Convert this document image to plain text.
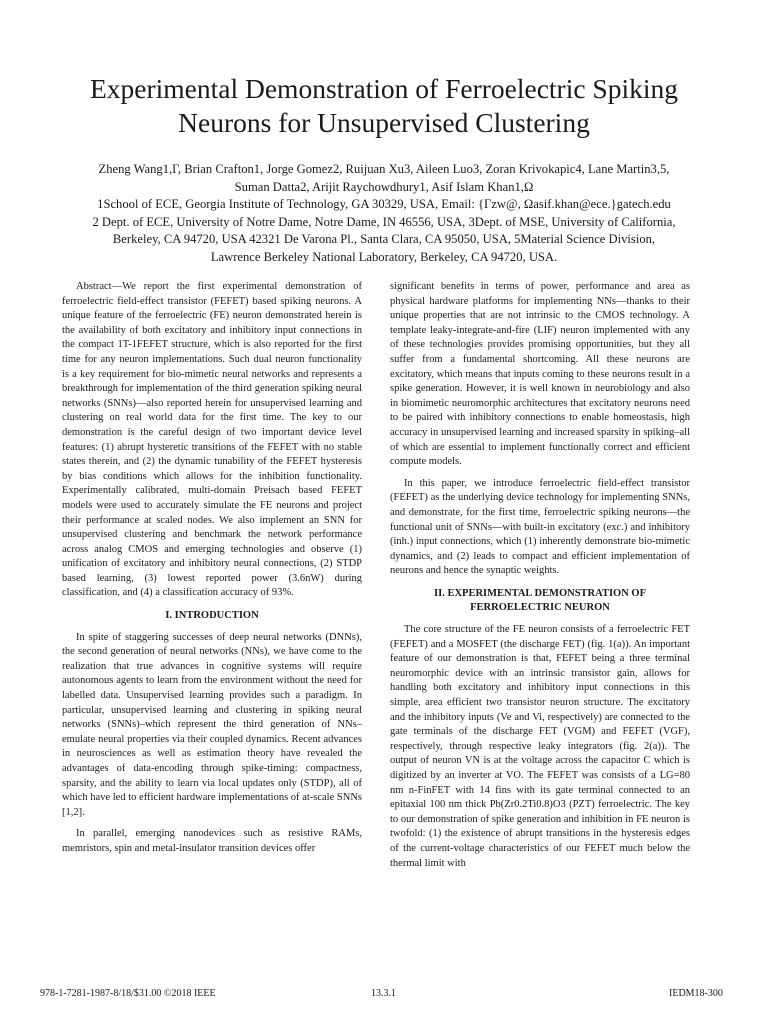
Experimental Demonstration of Ferroelectric Spiking Neurons for Unsupervised Clustering
Zheng Wang1,Γ, Brian Crafton1, Jorge Gomez2, Ruijuan Xu3, Aileen Luo3, Zoran Krivokapic4, Lane Martin3,5,
Suman Datta2, Arijit Raychowdhury1, Asif Islam Khan1,Ω
1School of ECE, Georgia Institute of Technology, GA 30329, USA, Email: {Γzw@, Ωasif.khan@ece.}gatech.edu
2 Dept. of ECE, University of Notre Dame, Notre Dame, IN 46556, USA, 3Dept. of MSE, University of California,
Berkeley, CA 94720, USA 42321 De Varona Pl., Santa Clara, CA 95050, USA, 5Material Science Division,
Lawrence Berkeley National Laboratory, Berkeley, CA 94720, USA.

Abstract—We report the first experimental demonstration of ferroelectric field-effect transistor (FEFET) based spiking neurons. A unique feature of the ferroelectric (FE) neuron demonstrated herein is the availability of both excitatory and inhibitory input connections in the compact 1T-1FEFET structure, which is also reported for the first time for any neuron implementations. Such dual neuron functionality is a key requirement for bio-mimetic neural networks and represents a breakthrough for implementation of the third generation spiking neural networks (SNNs)—also reported herein for unsupervised learning and clustering on real world data for the first time. The key to our demonstration is the careful design of two important device level features: (1) abrupt hysteretic transitions of the FEFET with no stable states therein, and (2) the dynamic tunability of the FEFET hysteresis by bias conditions which allows for the inhibition functionality. Experimentally calibrated, multi-domain Preisach based FEFET models were used to accurately simulate the FE neurons and project their performance at scaled nodes. We also implement an SNN for unsupervised clustering and benchmark the network performance across analog CMOS and emerging technologies and observe (1) unification of excitatory and inhibitory neural connections, (2) STDP based learning, (3) lowest reported power (3.6nW) during classification, and (4) a classification accuracy of 93%.

I. INTRODUCTION

In spite of staggering successes of deep neural networks (DNNs), the second generation of neural networks (NNs), we have come to the realization that true advances in cognitive systems will require autonomous agents to learn from the environment without the need for labelled data. Unsupervised learning provides such a paradigm. In particular, unsupervised learning and clustering in spiking neural networks (SNNs)–which represent the third generation of NNs–emulate neural properties via their coupled dynamics. Recent advances in neurosciences as well as estimation theory have revealed the advantages of data-encoding through spike-timing: compactness, sparsity, and the ability to learn via local updates only (STDP), all of which have led to efficient hardware implementations of at-scale SNNs [1,2].

In parallel, emerging nanodevices such as resistive RAMs, memristors, spin and metal-insulator transition devices offer

significant benefits in terms of power, performance and area as physical hardware platforms for implementing NNs—thanks to their unique properties that are not intrinsic to the CMOS technology. A template leaky-integrate-and-fire (LIF) neuron implemented with any of these technologies provides promising opportunities, but they all suffer from a fundamental shortcoming. All these neurons are excitatory, which means that inputs coming to these neurons result in a spike generation. However, it is well known in neurobiology and also in biomimetic neuromorphic architectures that excitatory neurons need to be paired with inhibitory connections to enable homeostasis, high accuracy in unsupervised learning and increased sparsity in spiking–all of which are essential to implement functionally correct and efficient compute models.

In this paper, we introduce ferroelectric field-effect transistor (FEFET) as the underlying device technology for implementing SNNs, and demonstrate, for the first time, ferroelectric spiking neurons—the functional unit of SNNs—with built-in excitatory (exc.) and inhibitory (inh.) input connections, which (1) inherently demonstrate bio-mimetic dynamics, and (2) leads to compact and efficient implementation of neurons and hence the synaptic weights.

II. EXPERIMENTAL DEMONSTRATION OF
FERROELECTRIC NEURON

The core structure of the FE neuron consists of a ferroelectric FET (FEFET) and a MOSFET (the discharge FET) (fig. 1(a)). An important feature of our demonstration is that, FEFET being a three terminal neuromorphic device with an intrinsic transistor gain, allows for handling both excitatory and inhibitory input connections in this simple, area efficient two transistor neuron structure. The excitatory and the inhibitory inputs (Ve and Vi, respectively) are connected to the gate terminals of the discharge FET (VGM) and FEFET (VGF), respectively, through respective leaky integrators (fig. 2(a)). The output of neuron VN is at the voltage across the capacitor C which is digitized by an inverter at VO. The FEFET was consists of a LG=80 nm n-FinFET with 14 fins with its gate terminal connected to an epitaxial 100 nm thick Pb(Zr0.2Ti0.8)O3 (PZT) ferroelectric. The key to our demonstration of spike generation and inhibition in FE neuron is twofold: (1) the existence of abrupt transitions in the hysteresis edges of the current-voltage characteristics of our FEFET much below the thermal limit with

978-1-7281-1987-8/18/$31.00 ©2018 IEEE	13.3.1	IEDM18-300
